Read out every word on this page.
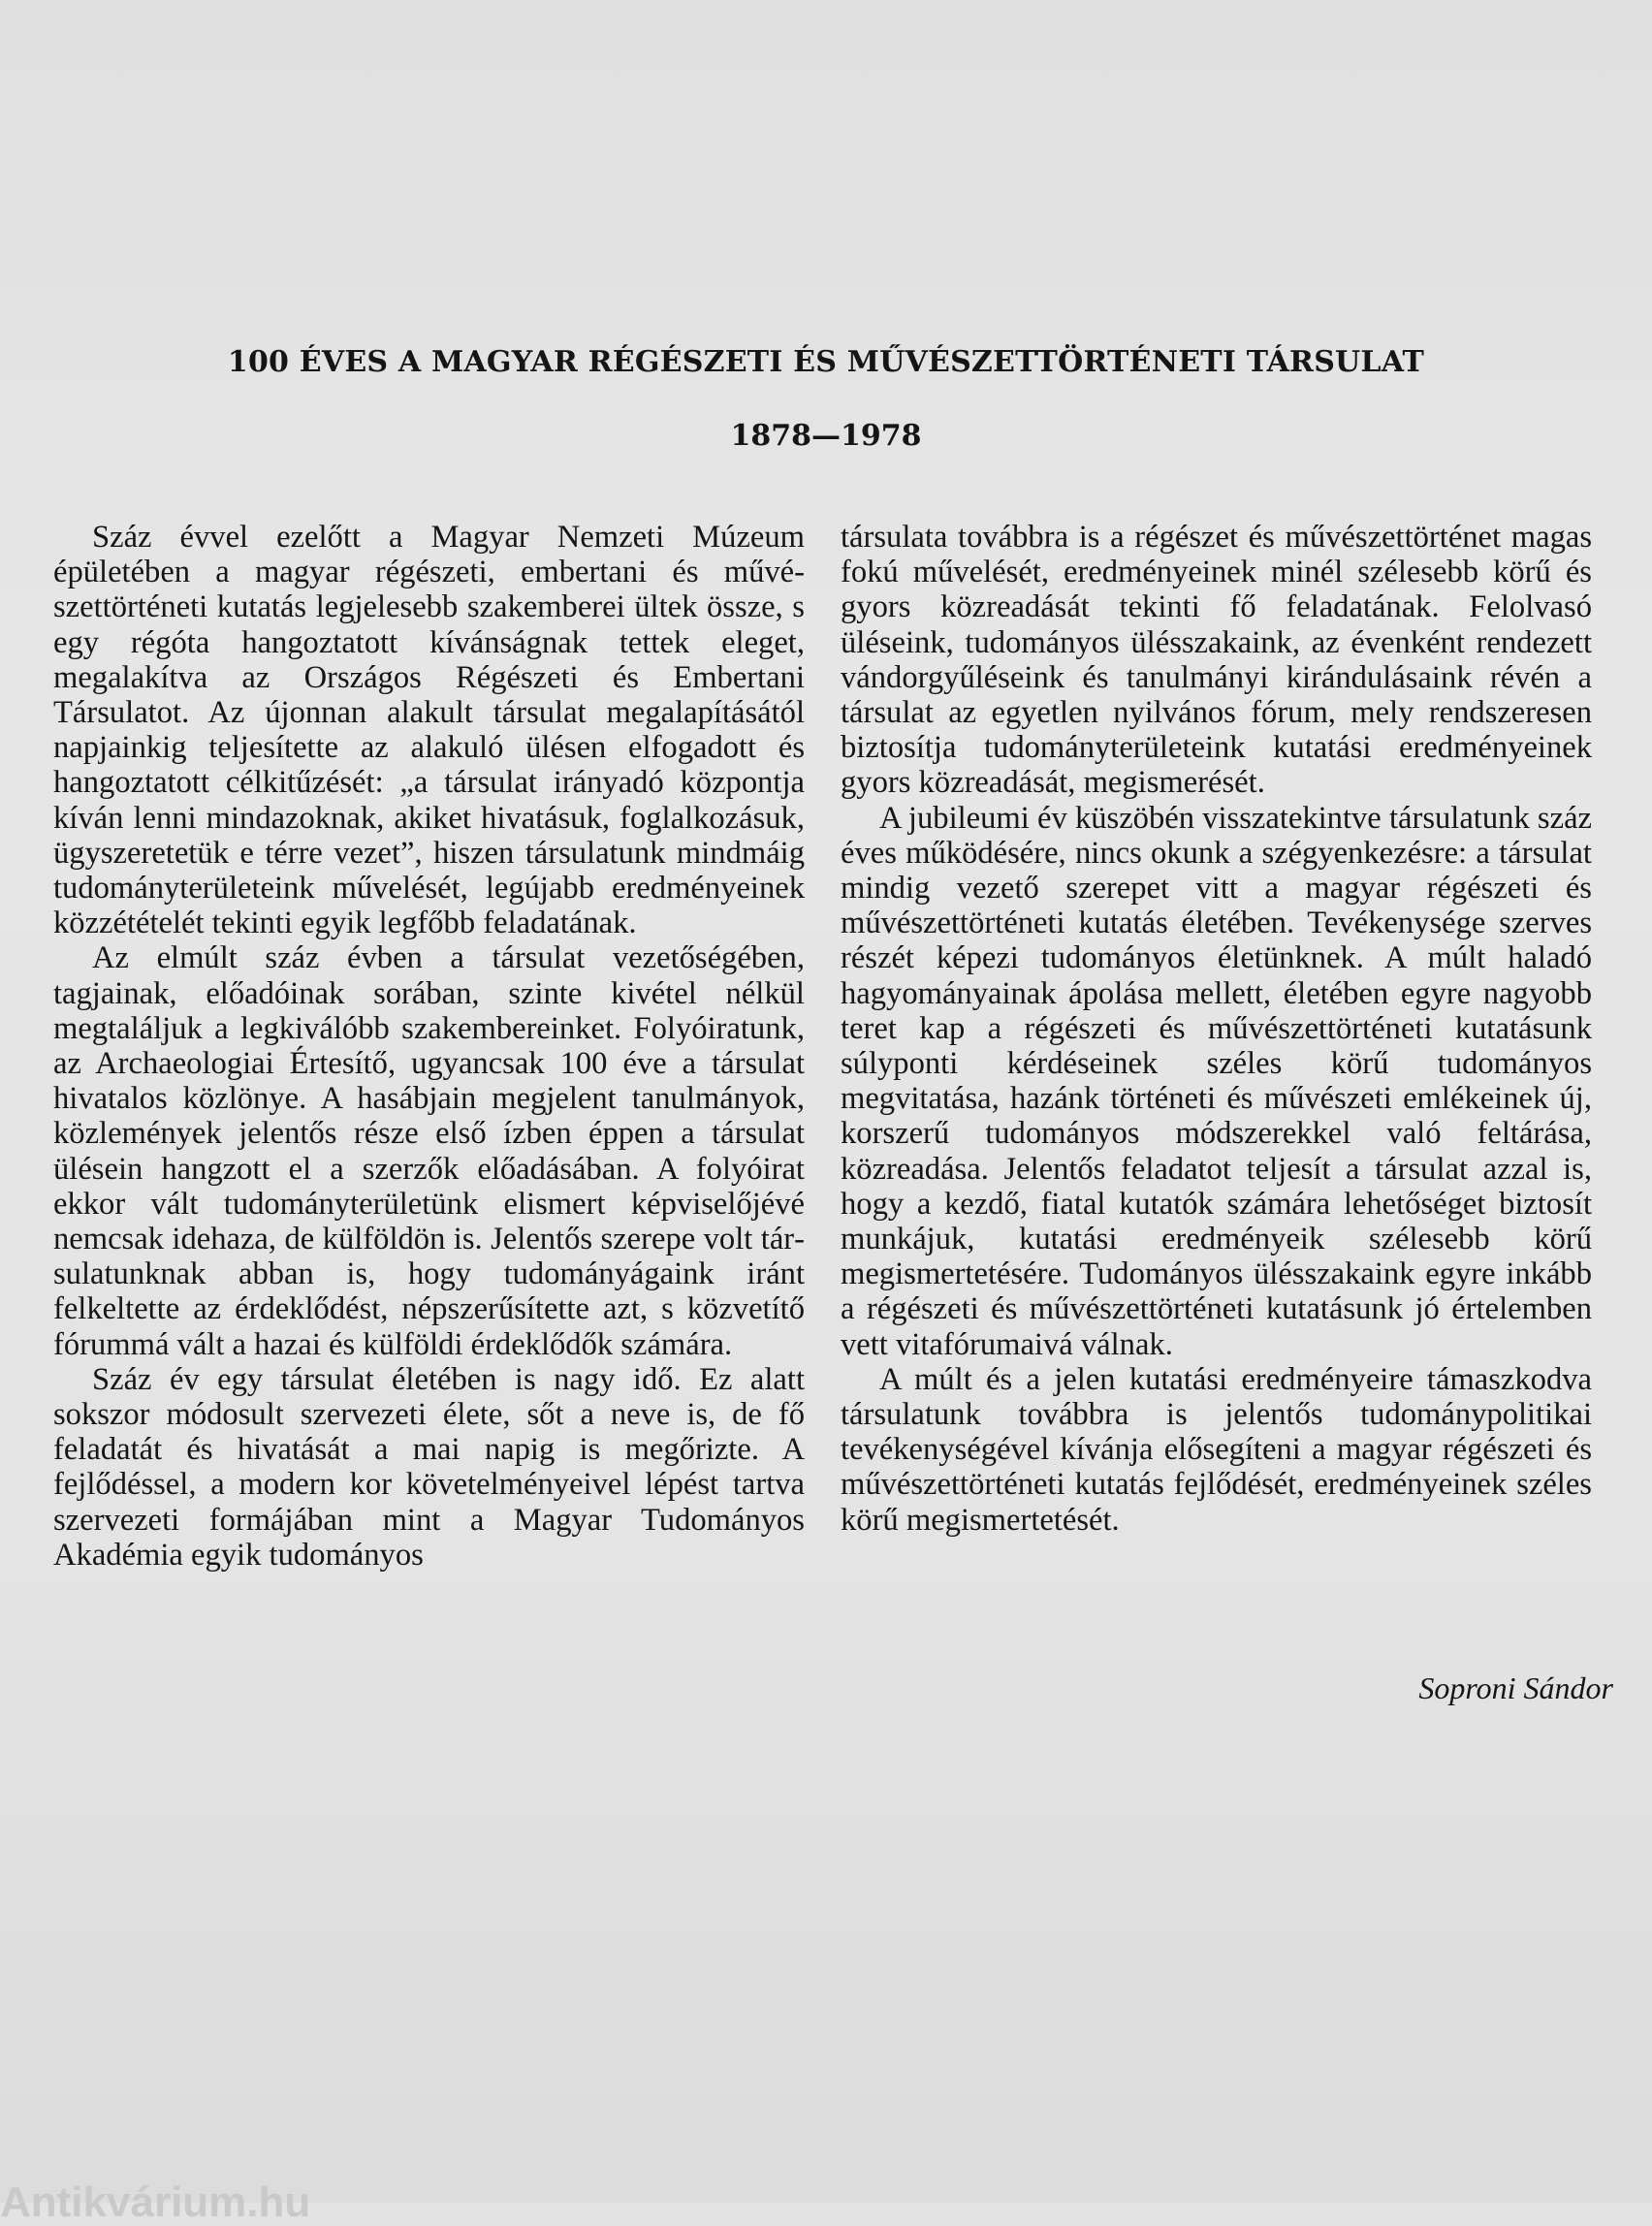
100 ÉVES A MAGYAR RÉGÉSZETI ÉS MŰVÉSZETTÖRTÉNETI TÁRSULAT
1878—1978

Száz évvel ezelőtt a Magyar Nemzeti Múzeum épületében a magyar régészeti, embertani és művészettörténeti kutatás legjelesebb szakemberei ültek össze, s egy régóta hangoztatott kívánságnak tettek eleget, megalakítva az Országos Régészeti és Embertani Társulatot. Az újonnan alakult társulat megalapításától napjainkig teljesítette az alakuló ülésen elfogadott és hangoztatott célkitűzését: „a társulat irányadó központja kíván lenni mindazoknak, akiket hivatásuk, foglalkozásuk, ügyszeretetük e térre vezet”, hiszen társulatunk mindmáig tudományterületeink művelését, legújabb eredményeinek közzétételét tekinti egyik legfőbb feladatának.

Az elmúlt száz évben a társulat vezetőségében, tagjainak, előadóinak sorában, szinte kivétel nélkül megtaláljuk a legkiválóbb szakembereinket. Folyóiratunk, az Archaeologiai Értesítő, ugyancsak 100 éve a társulat hivatalos közlönye. A hasábjain megjelent tanulmányok, közlemények jelentős része első ízben éppen a társulat ülésein hangzott el a szerzők előadásában. A folyóirat ekkor vált tudományterületünk elismert képviselőjévé nemcsak idehaza, de külföldön is. Jelentős szerepe volt társulatunknak abban is, hogy tudományágaink iránt felkeltette az érdeklődést, népszerűsítette azt, s közvetítő fórummá vált a hazai és külföldi érdeklődők számára.

Száz év egy társulat életében is nagy idő. Ez alatt sokszor módosult szervezeti élete, sőt a neve is, de fő feladatát és hivatását a mai napig is megőrizte. A fejlődéssel, a modern kor követelményeivel lépést tartva szervezeti formájában mint a Magyar Tudományos Akadémia egyik tudományos

társulata továbbra is a régészet és művészettörténet magas fokú művelését, eredményeinek minél szélesebb körű és gyors közreadását tekinti fő feladatának. Felolvasó üléseink, tudományos ülésszаkaink, az évenként rendezett vándorgyűléseink és tanulmányi kirándulásaink révén a társulat az egyetlen nyilvános fórum, mely rendszeresen biztosítja tudományterületeink kutatási eredményeinek gyors közreadását, megismerését.

A jubileumi év küszöbén visszatekintve társulatunk száz éves működésére, nincs okunk a szégyenkezésre: a társulat mindig vezető szerepet vitt a magyar régészeti és művészettörténeti kutatás életében. Tevékenysége szerves részét képezi tudományos életünknek. A múlt haladó hagyományainak ápolása mellett, életében egyre nagyobb teret kap a régészeti és művészettörténeti kutatásunk súlyponti kérdéseinek széles körű tudományos megvitatása, hazánk történeti és művészeti emlékeinek új, korszerű tudományos módszerekkel való feltárása, közreadása. Jelentős feladatot teljesít a társulat azzal is, hogy a kezdő, fiatal kutatók számára lehetőséget biztosít munkájuk, kutatási eredményeik szélesebb körű megismertetésére. Tudományos ülésszakaink egyre inkább a régészeti és művészettörténeti kutatásunk jó értelemben vett vitafórumaivá válnak.

A múlt és a jelen kutatási eredményeire támaszkodva társulatunk továbbra is jelentős tudománypolitikai tevékenységével kívánja elősegíteni a magyar régészeti és művészettörténeti kutatás fejlődését, eredményeinek széles körű megismertetését.

Soproni Sándor

Antikvárium.hu
